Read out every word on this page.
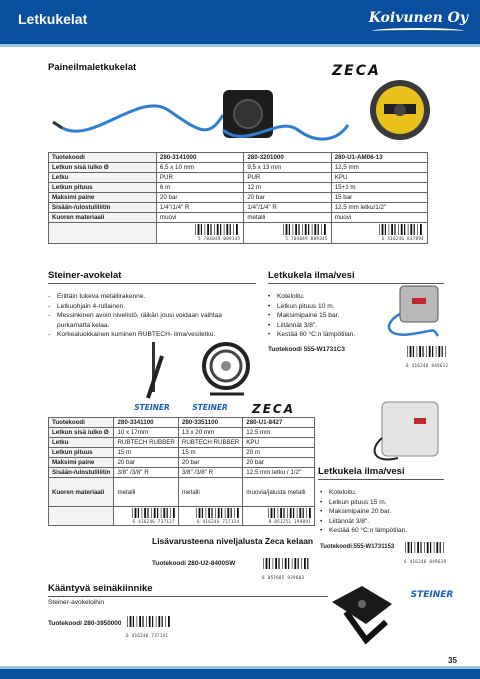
Letkukelat	Koivunen Oy
Paineilmaletkukelat	ZECA
Tuotekoodi	280-3141000	280-3201000	280-U1-AM06-13
Letkun sisä /ulko Ø	6,5 x 10 mm	9,5 x 13 mm	12,5 mm
Letku	PUR	PUR	KPU
Letkun pituus	6 m	12 m	15+1 m
Maksimi paine	20 bar	20 bar	15 bar
Sisään-/ulostuliliitin	1/4"/1/4" R	1/4"/1/4" R	12,5 mm letku/1/2"
Kuoren materiaali	muovi	metalli	muovi

	5 704049 009145	5 704049 009345	6 416246 837094
Steiner-avokelat
- Erittäin tukeva metallirakenne.
- Letkuohjain 4-rullainen.
- Messinkinen avoin nivelistö, räikän jousi voidaan vaihtaa purkamatta kelaa.
- Korkealuokkainen kuminen RUBTECH- ilma/vesiletku.
Letkukela ilma/vesi
• Koteloitu.
• Letkun pituus 10 m.
• Maksimipaine 15 bar.
• Liitännät 3/8".
• Kestää 60 °C:n lämpötilan.
Tuotekoodi 555-W1731C3
6 416246 849622
STEINER	STEINER	ZECA
Tuotekoodi	280-3341100	280-3351100	280-U1-8427
Letkun sisä /ulko Ø	10 x 17mm	13 x 20 mm	12,5 mm
Letku	RUBTECH RUBBER	RUBTECH RUBBER	KPU
Letkun pituus	15 m	15 m	20 m
Maksimi paine	20 bar	20 bar	20 bar
Sisään-/ulostuliliitin	3/8" /3/8" R	3/8" /3/8" R	12,5 mm letku / 1/2"
Kuoren materiaali	metalli	metalli	muovia/jalusta metalli

	6 416246 737127	6 416246 737134	8 053251 199091
Letkukela ilma/vesi
• Koteloitu.
• Letkun pituus 15 m.
• Maksimipaine 20 bar.
• Liitännät 3/8".
• Kestää 60 °C:n lämpötilan.
Tuotekoodi 555-W1731153
6 416246 849639
Lisävarusteena niveljalusta Zeca kelaan
Tuotekoodi 280-U2-8400SW
8 057685 929883
Kääntyvä seinäkiinnike
Steiner-avokeloihin
Tuotekoodi 280-3950000
6 416246 737141
STEINER
35
